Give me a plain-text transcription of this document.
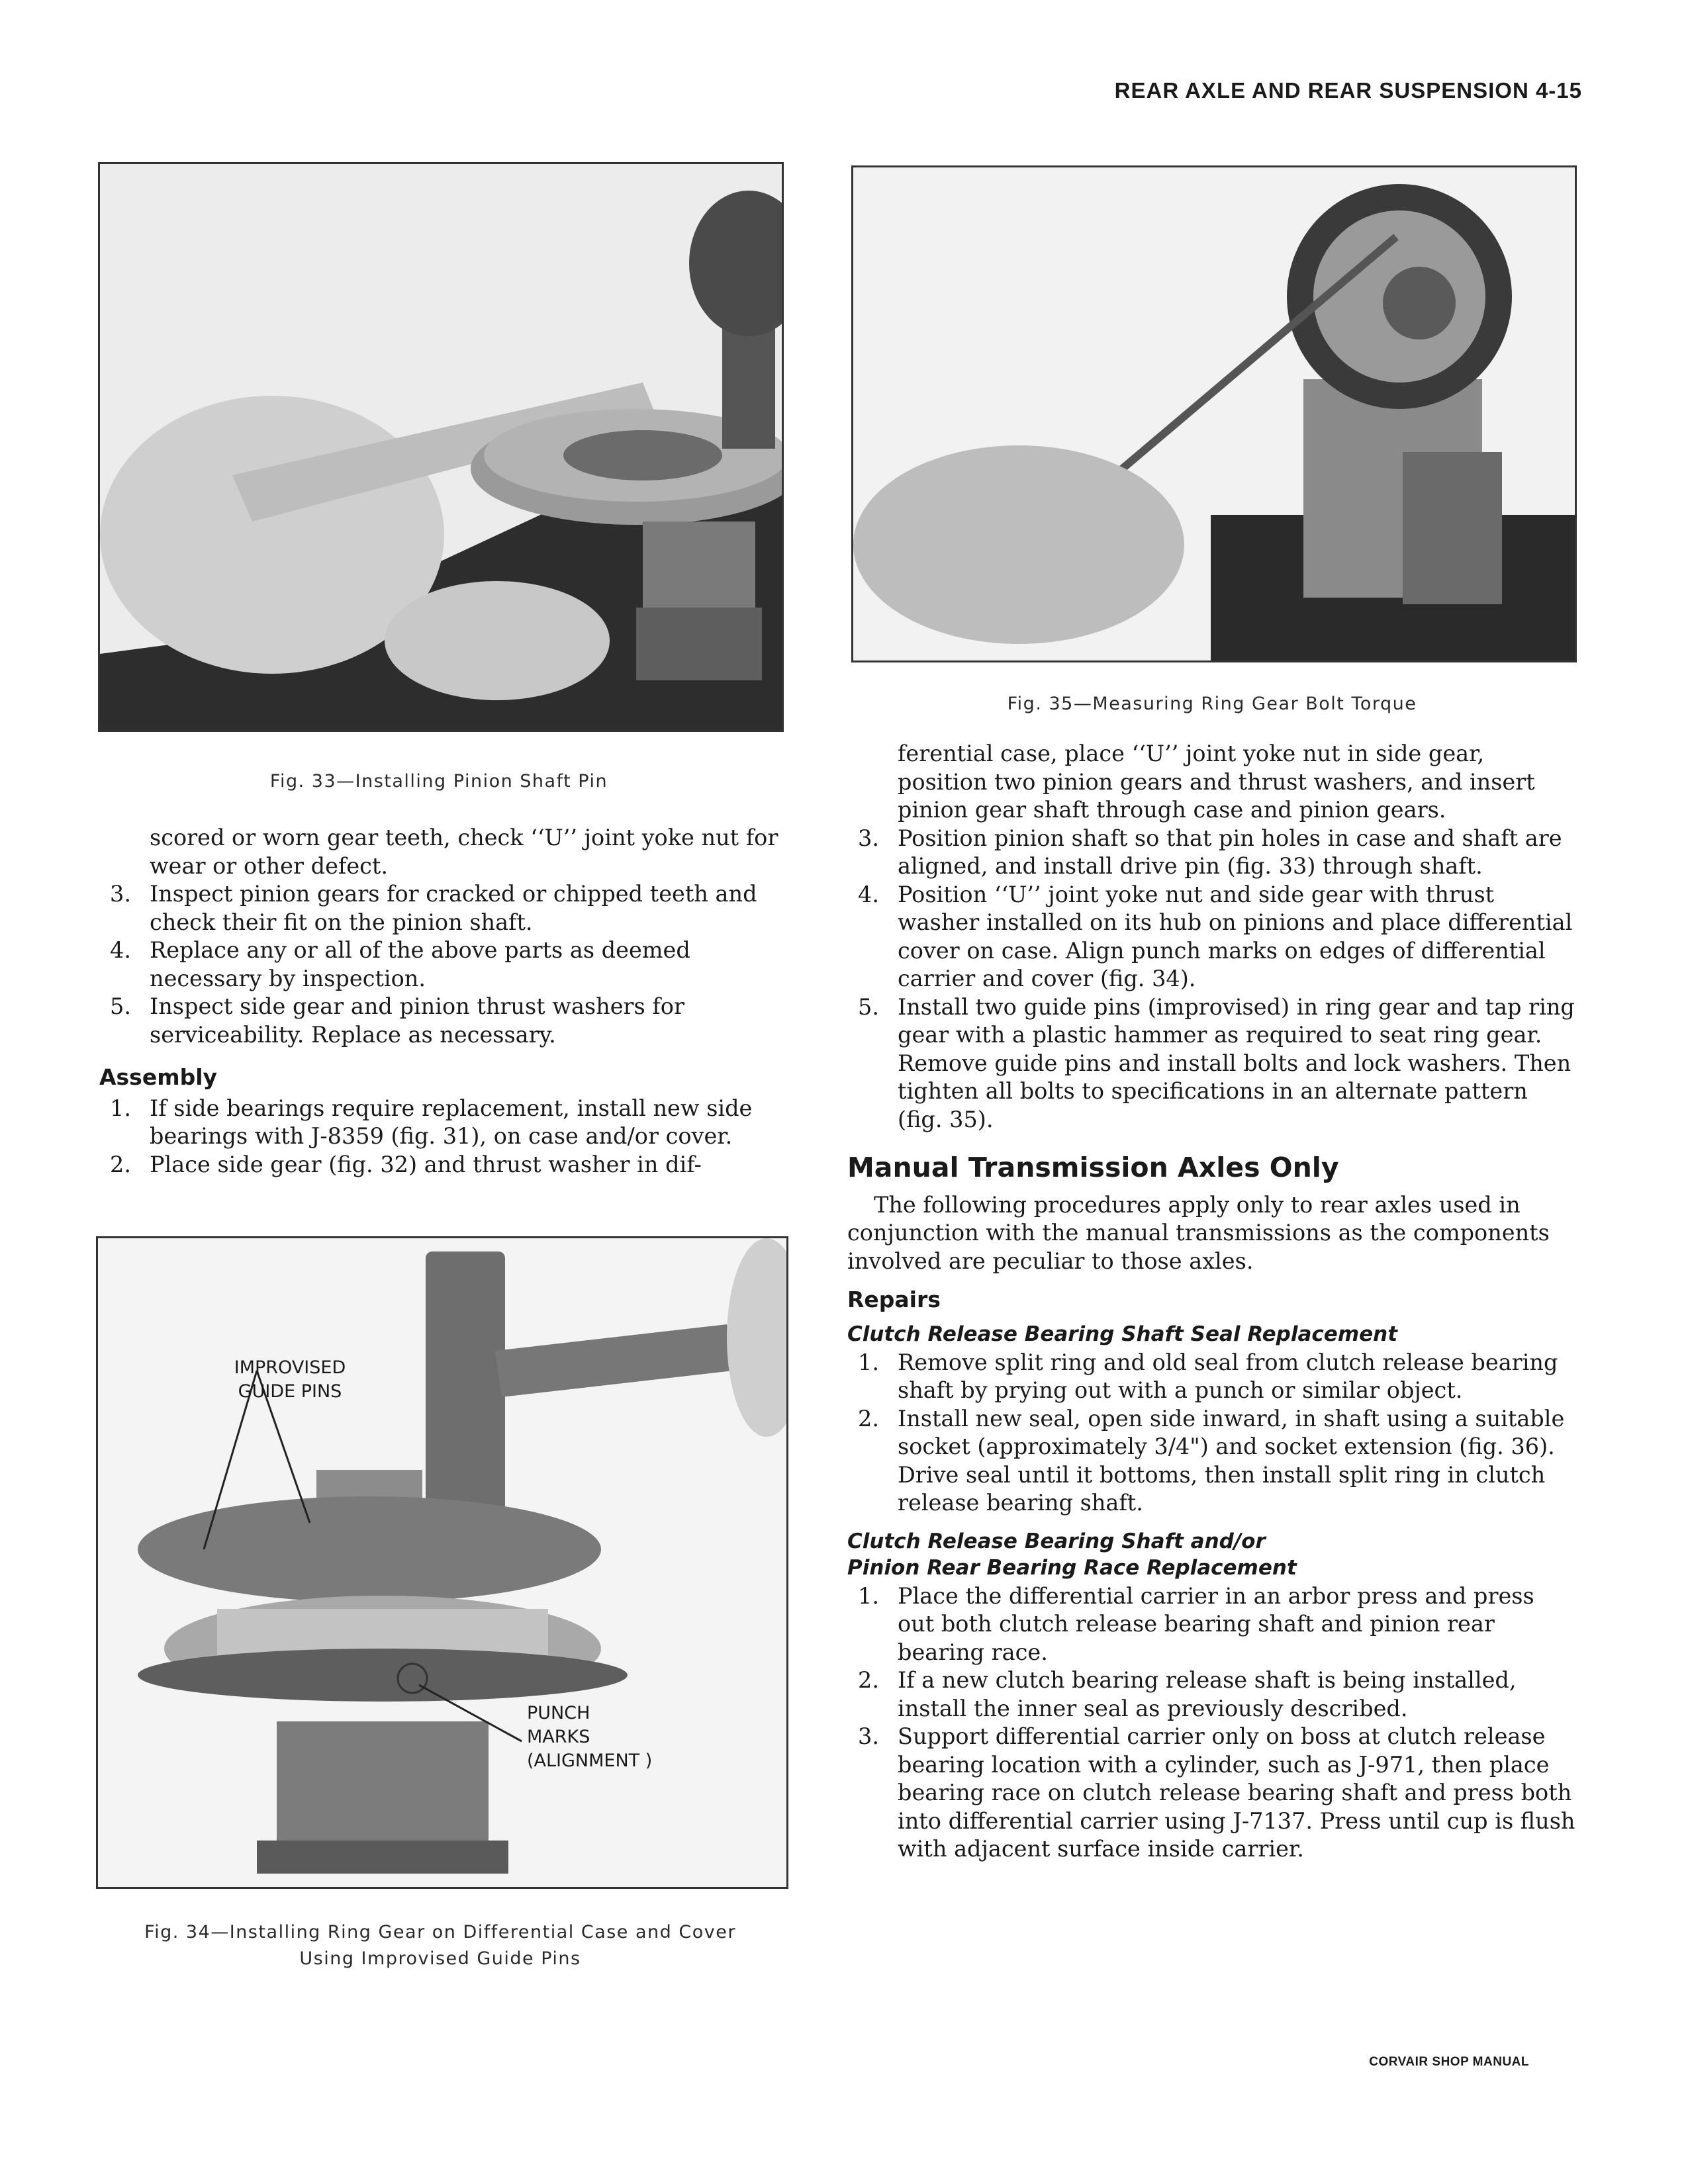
REAR AXLE AND REAR SUSPENSION 4-15
Fig. 33—Installing Pinion Shaft Pin
Fig. 35—Measuring Ring Gear Bolt Torque

scored or worn gear teeth, check ‘‘U’’ joint yoke nut for wear or other defect.

3. Inspect pinion gears for cracked or chipped teeth and check their fit on the pinion shaft.
4. Replace any or all of the above parts as deemed necessary by inspection.
5. Inspect side gear and pinion thrust washers for serviceability. Replace as necessary.
Assembly
1. If side bearings require replacement, install new side bearings with J-8359 (fig. 31), on case and/or cover.
2. Place side gear (fig. 32) and thrust washer in dif-
IMPROVISED
GUIDE PINS
PUNCH
MARKS
(ALIGNMENT )
Fig. 34—Installing Ring Gear on Differential Case and Cover
Using Improvised Guide Pins

ferential case, place ‘‘U’’ joint yoke nut in side gear, position two pinion gears and thrust washers, and insert pinion gear shaft through case and pinion gears.

3. Position pinion shaft so that pin holes in case and shaft are aligned, and install drive pin (fig. 33) through shaft.
4. Position ‘‘U’’ joint yoke nut and side gear with thrust washer installed on its hub on pinions and place differential cover on case. Align punch marks on edges of differential carrier and cover (fig. 34).
5. Install two guide pins (improvised) in ring gear and tap ring gear with a plastic hammer as required to seat ring gear. Remove guide pins and install bolts and lock washers. Then tighten all bolts to specifications in an alternate pattern (fig. 35).
Manual Transmission Axles Only

The following procedures apply only to rear axles used in conjunction with the manual transmissions as the components involved are peculiar to those axles.

Repairs
Clutch Release Bearing Shaft Seal Replacement
1. Remove split ring and old seal from clutch release bearing shaft by prying out with a punch or similar object.
2. Install new seal, open side inward, in shaft using a suitable socket (approximately 3/4") and socket extension (fig. 36). Drive seal until it bottoms, then install split ring in clutch release bearing shaft.
Clutch Release Bearing Shaft and/or
Pinion Rear Bearing Race Replacement
1. Place the differential carrier in an arbor press and press out both clutch release bearing shaft and pinion rear bearing race.
2. If a new clutch bearing release shaft is being installed, install the inner seal as previously described.
3. Support differential carrier only on boss at clutch release bearing location with a cylinder, such as J-971, then place bearing race on clutch release bearing shaft and press both into differential carrier using J-7137. Press until cup is flush with adjacent surface inside carrier.
CORVAIR SHOP MANUAL
